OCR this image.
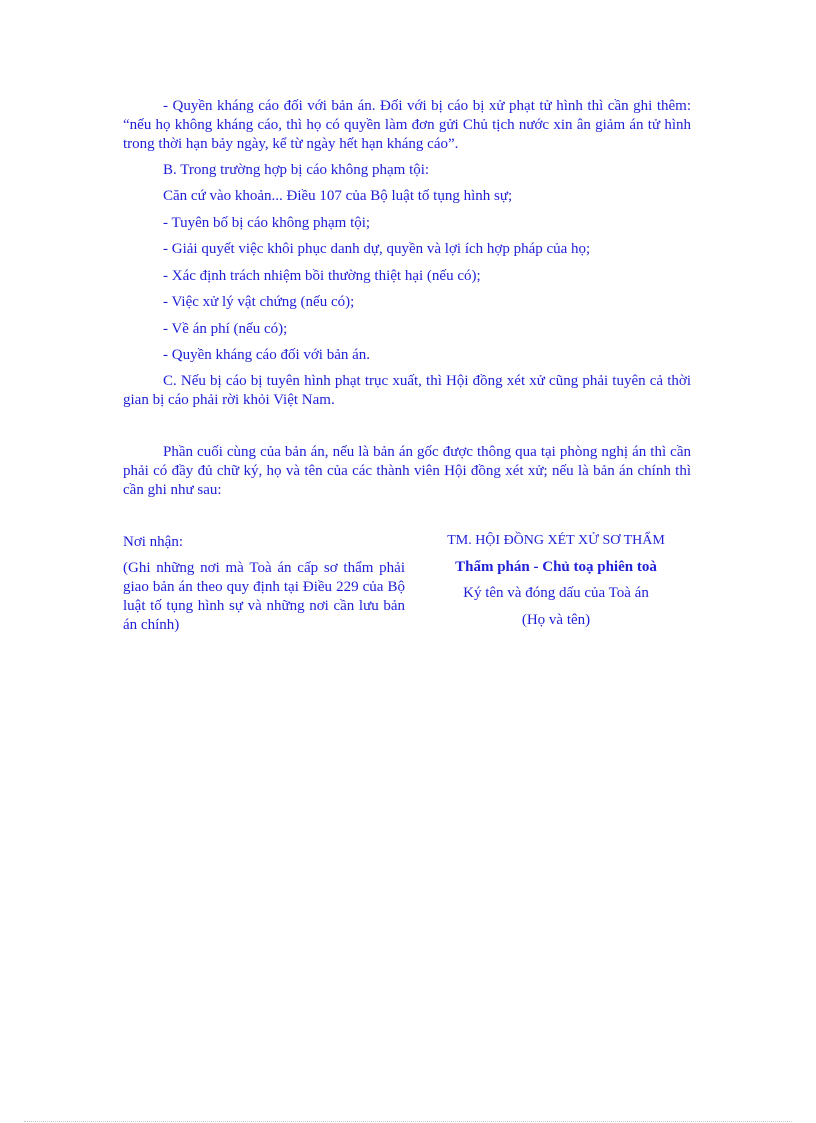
- Quyền kháng cáo đối với bản án. Đối với bị cáo bị xử phạt tử hình thì cần ghi thêm: “nếu họ không kháng cáo, thì họ có quyền làm đơn gửi Chủ tịch nước xin ân giảm án tử hình trong thời hạn bảy ngày, kể từ ngày hết hạn kháng cáo”.

B. Trong trường hợp bị cáo không phạm tội:

Căn cứ vào khoản... Điều 107 của Bộ luật tố tụng hình sự;

- Tuyên bố bị cáo không phạm tội;

- Giải quyết việc khôi phục danh dự, quyền và lợi ích hợp pháp của họ;

- Xác định trách nhiệm bồi thường thiệt hại (nếu có);

- Việc xử lý vật chứng (nếu có);

- Về án phí (nếu có);

- Quyền kháng cáo đối với bản án.

C. Nếu bị cáo bị tuyên hình phạt trục xuất, thì Hội đồng xét xử cũng phải tuyên cả thời gian bị cáo phải rời khỏi Việt Nam.

Phần cuối cùng của bản án, nếu là bản án gốc được thông qua tại phòng nghị án thì cần phải có đầy đủ chữ ký, họ và tên của các thành viên Hội đồng xét xử; nếu là bản án chính thì cần ghi như sau:

Nơi nhận:

(Ghi những nơi mà Toà án cấp sơ thẩm phải giao bản án theo quy định tại Điều 229 của Bộ luật tố tụng hình sự và những nơi cần lưu bản án chính)

TM. HỘI ĐỒNG XÉT XỬ SƠ THẨM

Thẩm phán - Chủ toạ phiên toà

Ký tên và đóng dấu của Toà án

(Họ và tên)
